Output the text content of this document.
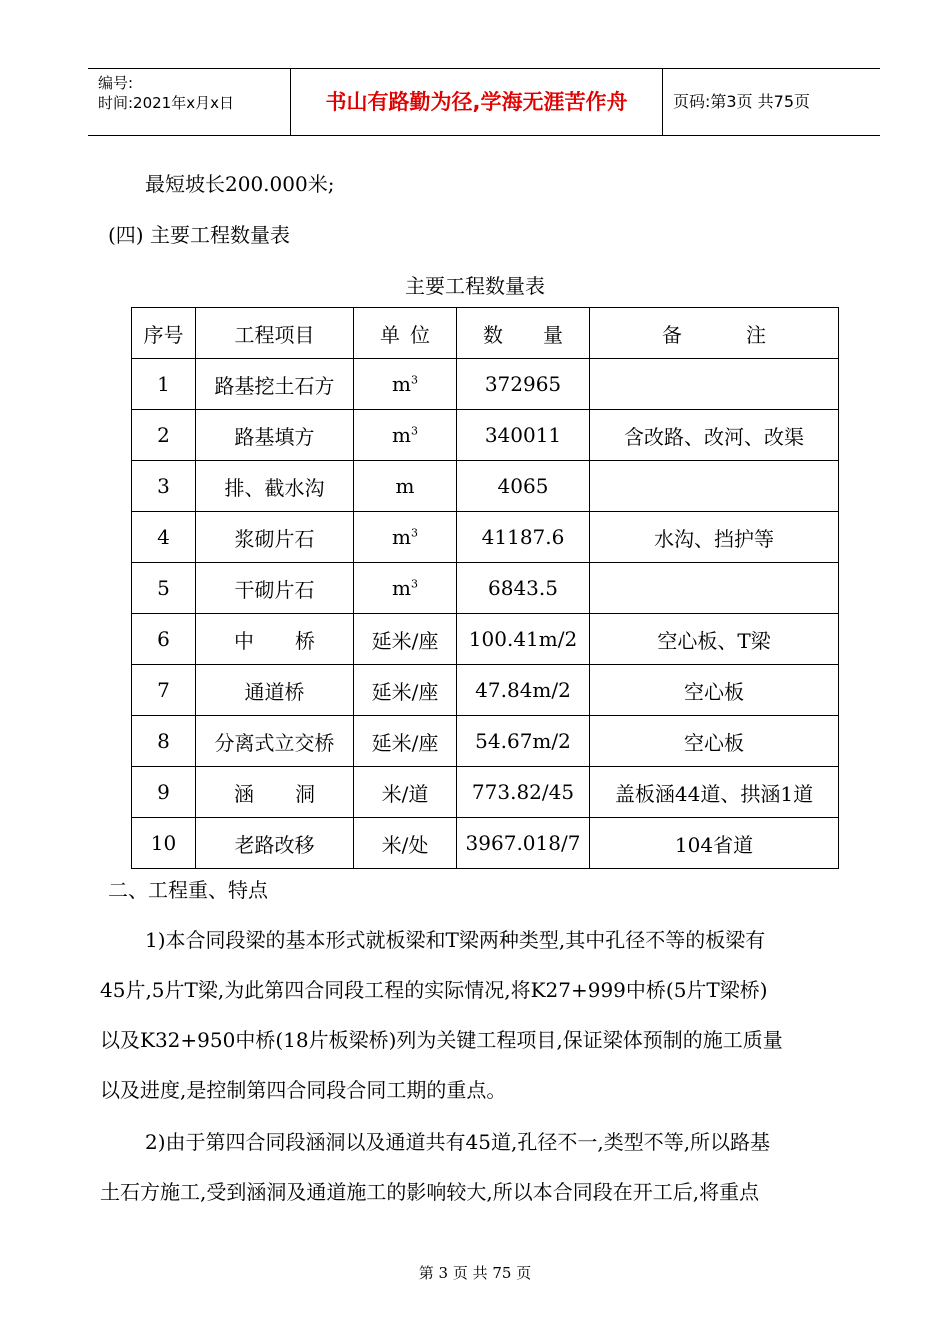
编号:
时间:2021年x月x日	书山有路勤为径,学海无涯苦作舟	页码:第3页 共75页
最短坡长200.000米;
(四) 主要工程数量表
主要工程数量表
序号	工程项目	单 位	数 量	备 注
1	路基挖土石方	$m^3$	372965	
2	路基填方	$m^3$	340011	含改路、改河、改渠
3	排、截水沟	m	4065	
4	浆砌片石	$m^3$	41187.6	水沟、挡护等
5	干砌片石	$m^3$	6843.5	
6	中 桥	延米/座	100.41m/2	空心板、T梁
7	通道桥	延米/座	47.84m/2	空心板
8	分离式立交桥	延米/座	54.67m/2	空心板
9	涵 洞	米/道	773.82/45	盖板涵44道、拱涵1道
10	老路改移	米/处	3967.018/7	104省道
二、工程重、特点
1)本合同段梁的基本形式就板梁和T梁两种类型,其中孔径不等的板梁有
45片,5片T梁,为此第四合同段工程的实际情况,将K27+999中桥(5片T梁桥)
以及K32+950中桥(18片板梁桥)列为关键工程项目,保证梁体预制的施工质量
以及进度,是控制第四合同段合同工期的重点。
2)由于第四合同段涵洞以及通道共有45道,孔径不一,类型不等,所以路基
土石方施工,受到涵洞及通道施工的影响较大,所以本合同段在开工后,将重点
第 3 页 共 75 页
